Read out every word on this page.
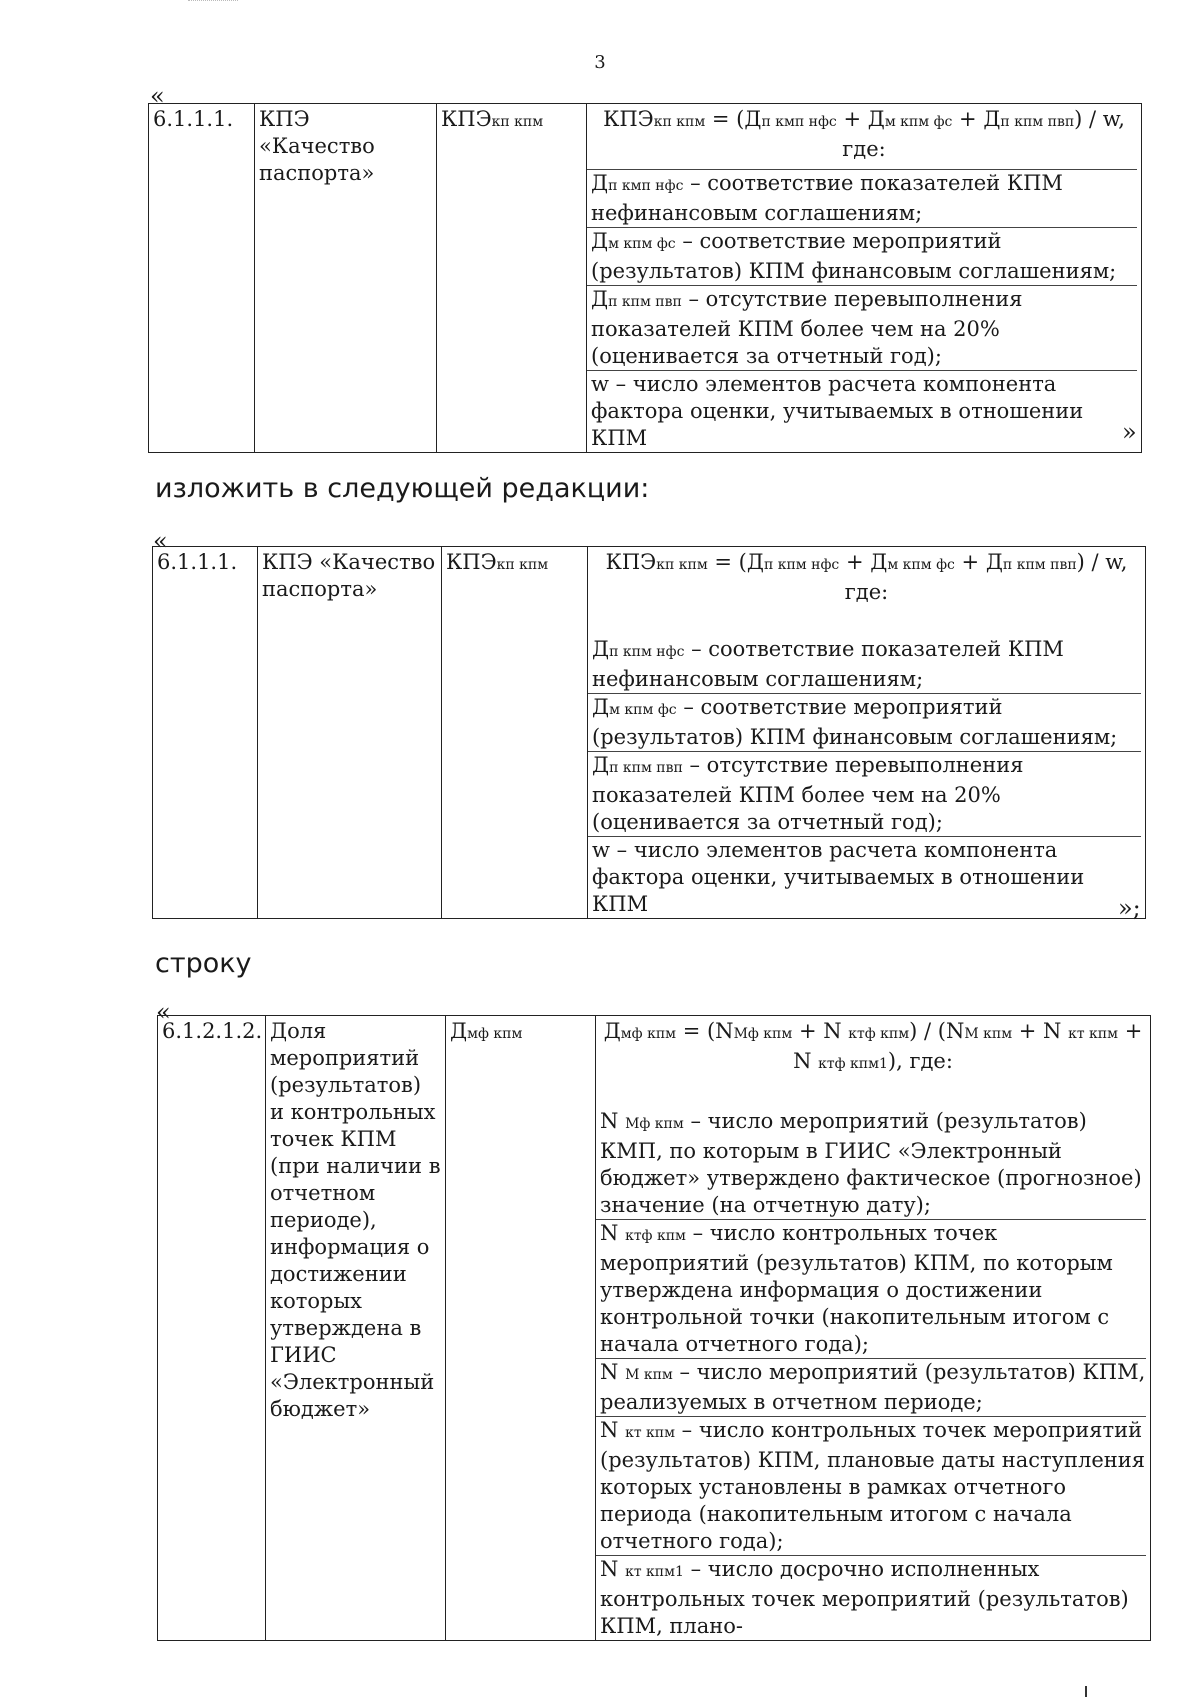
3
«
6.1.1.1.	КПЭ «Качество паспорта»	КПЭкп кпм	КПЭкп кпм = (Дп кмп нфс + Дм кпм фс + Дп кпм пвп) / w, где:
Дп кмп нфс – соответствие показателей КПМ нефинансовым соглашениям;
Дм кпм фс – соответствие мероприятий (результатов) КПМ финансовым соглашениям;
Дп кпм пвп – отсутствие перевыполнения показателей КПМ более чем на 20% (оценивается за отчетный год);
w – число элементов расчета компонента фактора оценки, учитываемых в отношении КПМ	»
изложить в следующей редакции:
«
6.1.1.1.	КПЭ «Качество паспорта»	КПЭкп кпм	КПЭкп кпм = (Дп кпм нфс + Дм кпм фс + Дп кпм пвп) / w, где:
Дп кпм нфс – соответствие показателей КПМ нефинансовым соглашениям;
Дм кпм фс – соответствие мероприятий (результатов) КПМ финансовым соглашениям;
Дп кпм пвп – отсутствие перевыполнения показателей КПМ более чем на 20% (оценивается за отчетный год);
w – число элементов расчета компонента фактора оценки, учитываемых в отношении КПМ	»;
строку
«
6.1.2.1.2.	Доля мероприятий (результатов) и контрольных точек КПМ (при наличии в отчетном периоде), информация о достижении которых утверждена в ГИИС «Электронный бюджет»	Дмф кпм	Дмф кпм = (NМф кпм + N ктф кпм) / (NМ кпм + N кт кпм + N ктф кпм1), где:
N Мф кпм – число мероприятий (результатов) КМП, по которым в ГИИС «Электронный бюджет» утверждено фактическое (прогнозное) значение (на отчетную дату);
N ктф кпм – число контрольных точек мероприятий (результатов) КПМ, по которым утверждена информация о достижении контрольной точки (накопительным итогом с начала отчетного года);
N М кпм – число мероприятий (результатов) КПМ, реализуемых в отчетном периоде;
N кт кпм – число контрольных точек мероприятий (результатов) КПМ, плановые даты наступления которых установлены в рамках отчетного периода (накопительным итогом с начала отчетного года);
N кт кпм1 – число досрочно исполненных контрольных точек мероприятий (результатов) КПМ, плано-
